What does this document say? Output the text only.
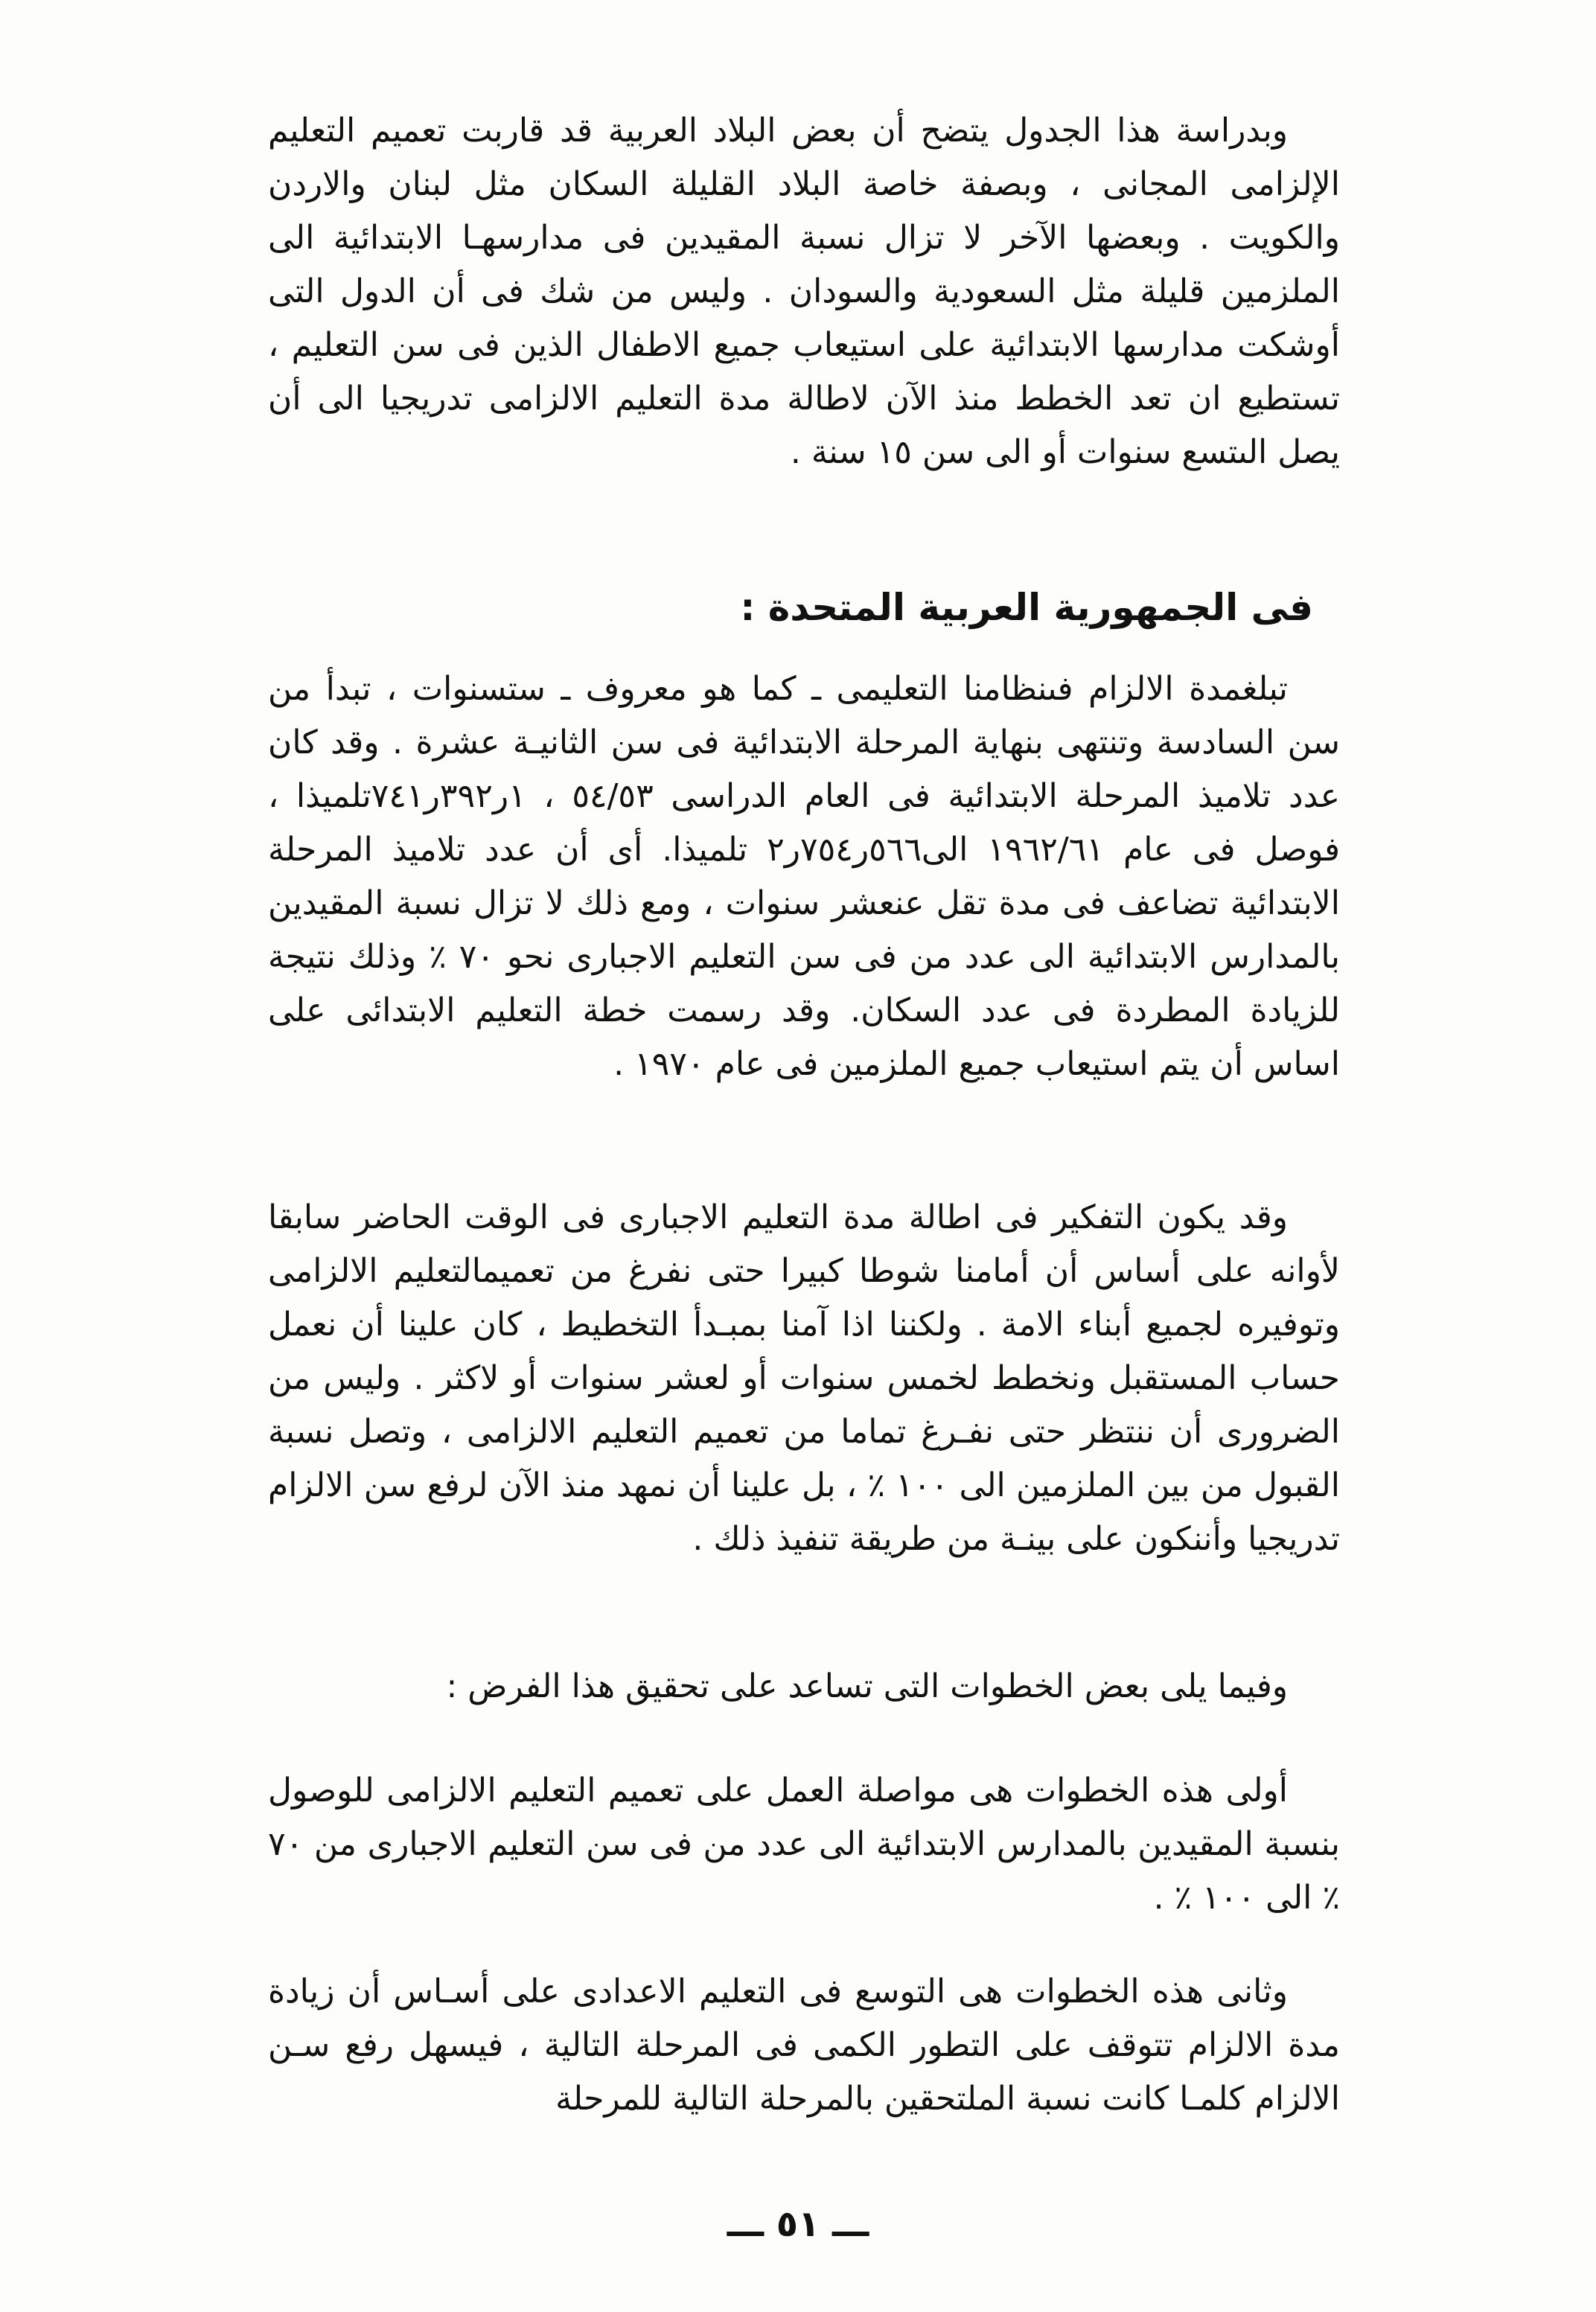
وبدراسة هذا الجدول يتضح أن بعض البلاد العربية قد قاربت تعميم التعليم الإلزامى المجانى ، وبصفة خاصة البلاد القليلة السكان مثل لبنان والاردن والكويت . وبعضها الآخر لا تزال نسبة المقيدين فى مدارسهـا الابتدائية الى الملزمين قليلة مثل السعودية والسودان . وليس من شك فى أن الدول التى أوشكت مدارسها الابتدائية على استيعاب جميع الاطفال الذين فى سن التعليم ، تستطيع ان تعد الخطط منذ الآن لاطالة مدة التعليم الالزامى تدريجيا الى أن يصل الىتسع سنوات أو الى سن ١٥ سنة .

فى الجمهورية العربية المتحدة :

تبلغمدة الالزام فىنظامنا التعليمى ـ كما هو معروف ـ ستسنوات ، تبدأ من سن السادسة وتنتهى بنهاية المرحلة الابتدائية فى سن الثانيـة عشرة . وقد كان عدد تلاميذ المرحلة الابتدائية فى العام الدراسى ٥٤/٥٣ ، ١ر٣٩٢ر٧٤١تلميذا ، فوصل فى عام ١٩٦٢/٦١ الى٥٦٦ر٧٥٤ر٢ تلميذا. أى أن عدد تلاميذ المرحلة الابتدائية تضاعف فى مدة تقل عنعشر سنوات ، ومع ذلك لا تزال نسبة المقيدين بالمدارس الابتدائية الى عدد من فى سن التعليم الاجبارى نحو ٧٠ ٪ وذلك نتيجة للزيادة المطردة فى عدد السكان. وقد رسمت خطة التعليم الابتدائى على اساس أن يتم استيعاب جميع الملزمين فى عام ١٩٧٠ .

وقد يكون التفكير فى اطالة مدة التعليم الاجبارى فى الوقت الحاضر سابقا لأوانه على أساس أن أمامنا شوطا كبيرا حتى نفرغ من تعميمالتعليم الالزامى وتوفيره لجميع أبناء الامة . ولكننا اذا آمنا بمبـدأ التخطيط ، كان علينا أن نعمل حساب المستقبل ونخطط لخمس سنوات أو لعشر سنوات أو لاكثر . وليس من الضرورى أن ننتظر حتى نفـرغ تماما من تعميم التعليم الالزامى ، وتصل نسبة القبول من بين الملزمين الى ١٠٠ ٪ ، بل علينا أن نمهد منذ الآن لرفع سن الالزام تدريجيا وأننكون على بينـة من طريقة تنفيذ ذلك .

وفيما يلى بعض الخطوات التى تساعد على تحقيق هذا الفرض :

أولى هذه الخطوات هى مواصلة العمل على تعميم التعليم الالزامى للوصول بنسبة المقيدين بالمدارس الابتدائية الى عدد من فى سن التعليم الاجبارى من ٧٠ ٪ الى ١٠٠ ٪ .

وثانى هذه الخطوات هى التوسع فى التعليم الاعدادى على أسـاس أن زيادة مدة الالزام تتوقف على التطور الكمى فى المرحلة التالية ، فيسهل رفع سـن الالزام كلمـا كانت نسبة الملتحقين بالمرحلة التالية للمرحلة

ـــ ٥١ ـــ
